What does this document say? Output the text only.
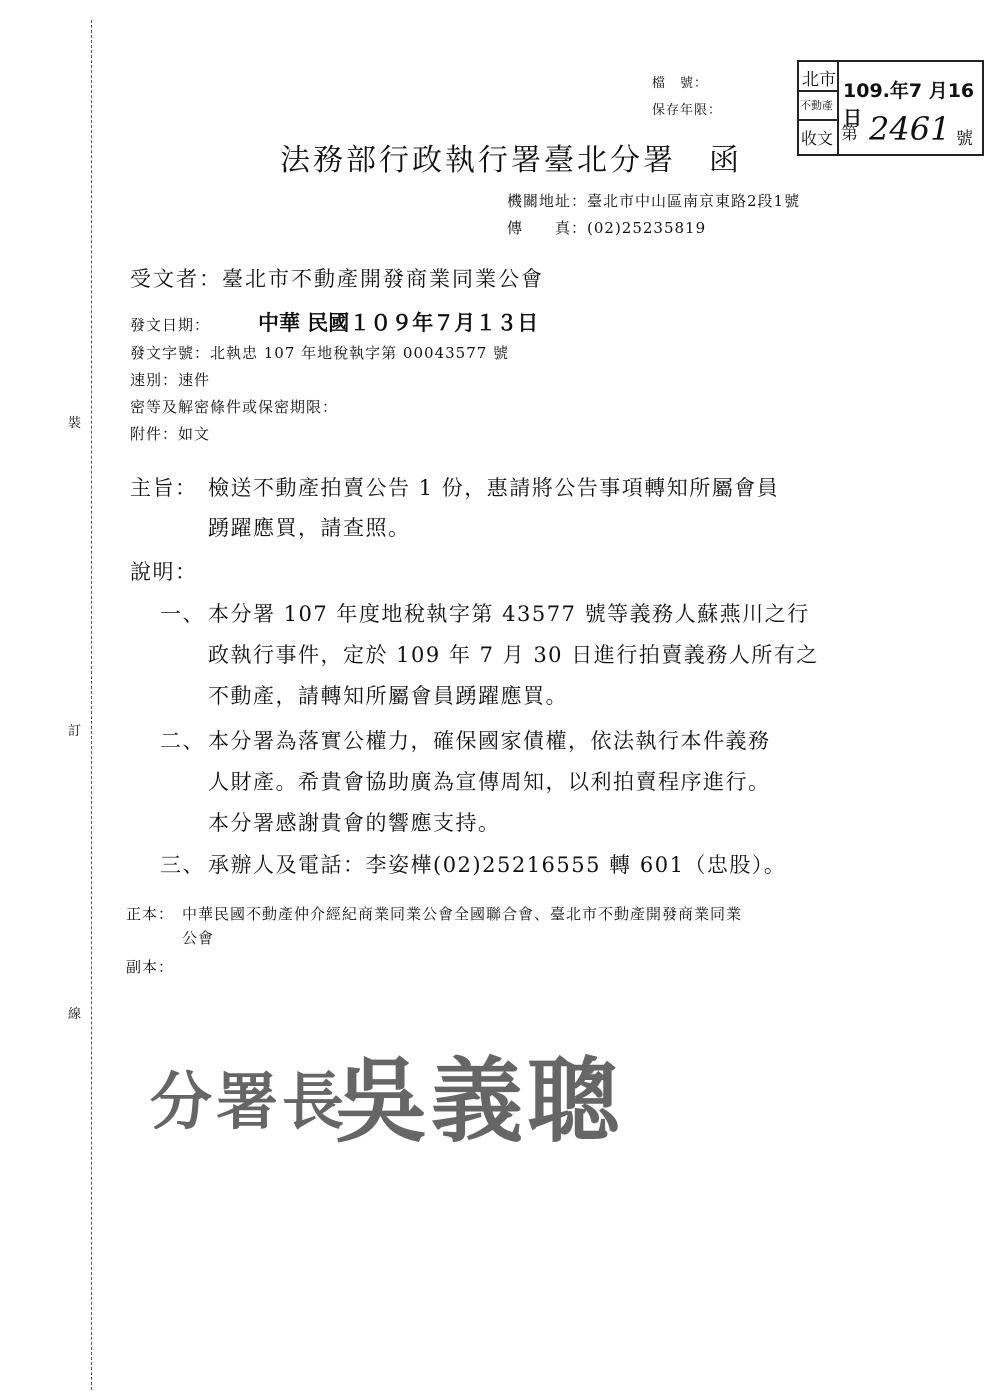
裝
訂
線
檔　號：
保存年限：
北市
不動產
收文
109.年7 月16日
第 2461 號
法務部行政執行署臺北分署　函
機關地址：臺北市中山區南京東路2段1號
傳　　真：(02)25235819
受文者：臺北市不動產開發商業同業公會
發文日期： 中華 民國１０９年７月１３日
發文字號：北執忠 107 年地稅執字第 00043577 號
速別：速件
密等及解密條件或保密期限：
附件：如文
主旨： 檢送不動產拍賣公告 1 份，惠請將公告事項轉知所屬會員
踴躍應買，請查照。
說明：
一、 本分署 107 年度地稅執字第 43577 號等義務人蘇燕川之行
政執行事件，定於 109 年 7 月 30 日進行拍賣義務人所有之
不動產，請轉知所屬會員踴躍應買。
二、 本分署為落實公權力，確保國家債權，依法執行本件義務
人財產。希貴會協助廣為宣傳周知，以利拍賣程序進行。
本分署感謝貴會的響應支持。
三、 承辦人及電話：李姿樺(02)25216555 轉 601（忠股）。
正本： 中華民國不動產仲介經紀商業同業公會全國聯合會、臺北市不動產開發商業同業
公會
副本：
分署長
吳義聰
